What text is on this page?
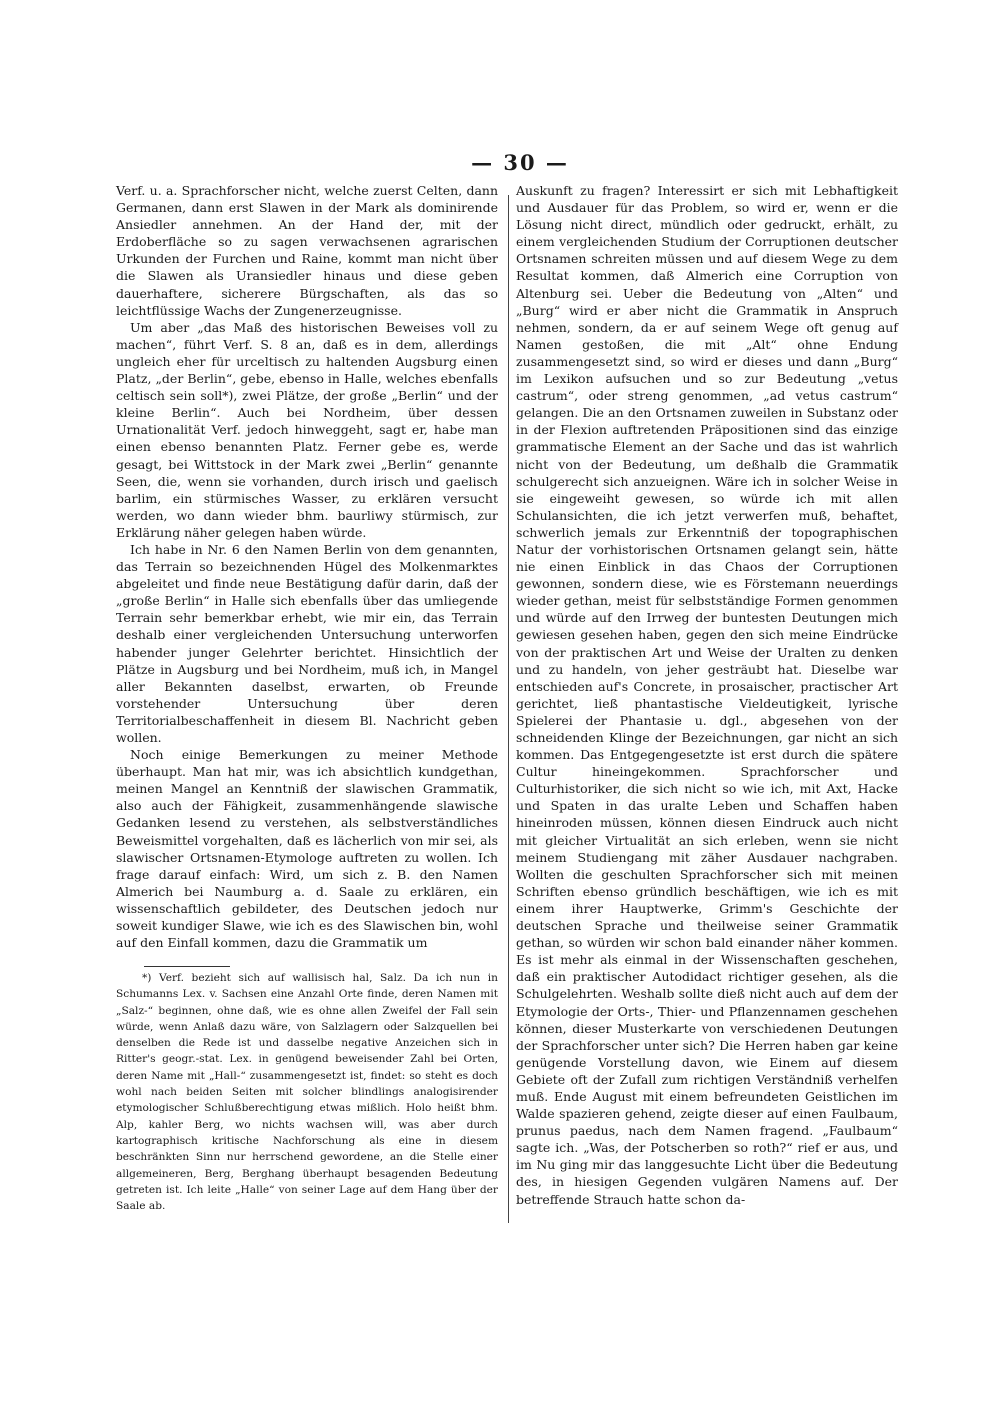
— 30 —

Verf. u. a. Sprachforscher nicht, welche zuerst Celten, dann Germanen, dann erst Slawen in der Mark als dominirende Ansiedler annehmen. An der Hand der, mit der Erdoberfläche so zu sagen verwachsenen agrarischen Urkunden der Furchen und Raine, kommt man nicht über die Slawen als Uransiedler hinaus und diese geben dauerhaftere, sicherere Bürgschaften, als das so leichtflüssige Wachs der Zungenerzeugnisse.

Um aber „das Maß des historischen Beweises voll zu machen“, führt Verf. S. 8 an, daß es in dem, allerdings ungleich eher für urceltisch zu haltenden Augsburg einen Platz, „der Berlin“, gebe, ebenso in Halle, welches ebenfalls celtisch sein soll*), zwei Plätze, der große „Berlin“ und der kleine Berlin“. Auch bei Nordheim, über dessen Urnationalität Verf. jedoch hinweggeht, sagt er, habe man einen ebenso benannten Platz. Ferner gebe es, werde gesagt, bei Wittstock in der Mark zwei „Berlin“ genannte Seen, die, wenn sie vorhanden, durch irisch und gaelisch barlim, ein stürmisches Wasser, zu erklären versucht werden, wo dann wieder bhm. baurliwy stürmisch, zur Erklärung näher gelegen haben würde.

Ich habe in Nr. 6 den Namen Berlin von dem genannten, das Terrain so bezeichnenden Hügel des Molkenmarktes abgeleitet und finde neue Bestätigung dafür darin, daß der „große Berlin“ in Halle sich ebenfalls über das umliegende Terrain sehr bemerkbar erhebt, wie mir ein, das Terrain deshalb einer vergleichenden Untersuchung unterworfen habender junger Gelehrter berichtet. Hinsichtlich der Plätze in Augsburg und bei Nordheim, muß ich, in Mangel aller Bekannten daselbst, erwarten, ob Freunde vorstehender Untersuchung über deren Territorialbeschaffenheit in diesem Bl. Nachricht geben wollen.

Noch einige Bemerkungen zu meiner Methode überhaupt. Man hat mir, was ich absichtlich kundgethan, meinen Mangel an Kenntniß der slawischen Grammatik, also auch der Fähigkeit, zusammenhängende slawische Gedanken lesend zu verstehen, als selbstverständliches Beweismittel vorgehalten, daß es lächerlich von mir sei, als slawischer Ortsnamen-Etymologe auftreten zu wollen. Ich frage darauf einfach: Wird, um sich z. B. den Namen Almerich bei Naumburg a. d. Saale zu erklären, ein wissenschaftlich gebildeter, des Deutschen jedoch nur soweit kundiger Slawe, wie ich es des Slawischen bin, wohl auf den Einfall kommen, dazu die Grammatik um

*) Verf. bezieht sich auf wallisisch hal, Salz. Da ich nun in Schumanns Lex. v. Sachsen eine Anzahl Orte finde, deren Namen mit „Salz-“ beginnen, ohne daß, wie es ohne allen Zweifel der Fall sein würde, wenn Anlaß dazu wäre, von Salzlagern oder Salzquellen bei denselben die Rede ist und dasselbe negative Anzeichen sich in Ritter's geogr.-stat. Lex. in genügend beweisender Zahl bei Orten, deren Name mit „Hall-“ zusammengesetzt ist, findet: so steht es doch wohl nach beiden Seiten mit solcher blindlings analogisirender etymologischer Schlußberechtigung etwas mißlich. Holo heißt bhm. Alp, kahler Berg, wo nichts wachsen will, was aber durch kartographisch kritische Nachforschung als eine in diesem beschränkten Sinn nur herrschend gewordene, an die Stelle einer allgemeineren, Berg, Berghang überhaupt besagenden Bedeutung getreten ist. Ich leite „Halle“ von seiner Lage auf dem Hang über der Saale ab.

Auskunft zu fragen? Interessirt er sich mit Lebhaftigkeit und Ausdauer für das Problem, so wird er, wenn er die Lösung nicht direct, mündlich oder gedruckt, erhält, zu einem vergleichenden Studium der Corruptionen deutscher Ortsnamen schreiten müssen und auf diesem Wege zu dem Resultat kommen, daß Almerich eine Corruption von Altenburg sei. Ueber die Bedeutung von „Alten“ und „Burg“ wird er aber nicht die Grammatik in Anspruch nehmen, sondern, da er auf seinem Wege oft genug auf Namen gestoßen, die mit „Alt“ ohne Endung zusammengesetzt sind, so wird er dieses und dann „Burg“ im Lexikon aufsuchen und so zur Bedeutung „vetus castrum“, oder streng genommen, „ad vetus castrum“ gelangen. Die an den Ortsnamen zuweilen in Substanz oder in der Flexion auftretenden Präpositionen sind das einzige grammatische Element an der Sache und das ist wahrlich nicht von der Bedeutung, um deßhalb die Grammatik schulgerecht sich anzueignen. Wäre ich in solcher Weise in sie eingeweiht gewesen, so würde ich mit allen Schulansichten, die ich jetzt verwerfen muß, behaftet, schwerlich jemals zur Erkenntniß der topographischen Natur der vorhistorischen Ortsnamen gelangt sein, hätte nie einen Einblick in das Chaos der Corruptionen gewonnen, sondern diese, wie es Förstemann neuerdings wieder gethan, meist für selbstständige Formen genommen und würde auf den Irrweg der buntesten Deutungen mich gewiesen gesehen haben, gegen den sich meine Eindrücke von der praktischen Art und Weise der Uralten zu denken und zu handeln, von jeher gesträubt hat. Dieselbe war entschieden auf's Concrete, in prosaischer, practischer Art gerichtet, ließ phantastische Vieldeutigkeit, lyrische Spielerei der Phantasie u. dgl., abgesehen von der schneidenden Klinge der Bezeichnungen, gar nicht an sich kommen. Das Entgegengesetzte ist erst durch die spätere Cultur hineingekommen. Sprachforscher und Culturhistoriker, die sich nicht so wie ich, mit Axt, Hacke und Spaten in das uralte Leben und Schaffen haben hineinroden müssen, können diesen Eindruck auch nicht mit gleicher Virtualität an sich erleben, wenn sie nicht meinem Studiengang mit zäher Ausdauer nachgraben. Wollten die geschulten Sprachforscher sich mit meinen Schriften ebenso gründlich beschäftigen, wie ich es mit einem ihrer Hauptwerke, Grimm's Geschichte der deutschen Sprache und theilweise seiner Grammatik gethan, so würden wir schon bald einander näher kommen. Es ist mehr als einmal in der Wissenschaften geschehen, daß ein praktischer Autodidact richtiger gesehen, als die Schulgelehrten. Weshalb sollte dieß nicht auch auf dem der Etymologie der Orts-, Thier- und Pflanzennamen geschehen können, dieser Musterkarte von verschiedenen Deutungen der Sprachforscher unter sich? Die Herren haben gar keine genügende Vorstellung davon, wie Einem auf diesem Gebiete oft der Zufall zum richtigen Verständniß verhelfen muß. Ende August mit einem befreundeten Geistlichen im Walde spazieren gehend, zeigte dieser auf einen Faulbaum, prunus paedus, nach dem Namen fragend. „Faulbaum“ sagte ich. „Was, der Potscherben so roth?“ rief er aus, und im Nu ging mir das langgesuchte Licht über die Bedeutung des, in hiesigen Gegenden vulgären Namens auf. Der betreffende Strauch hatte schon da-
